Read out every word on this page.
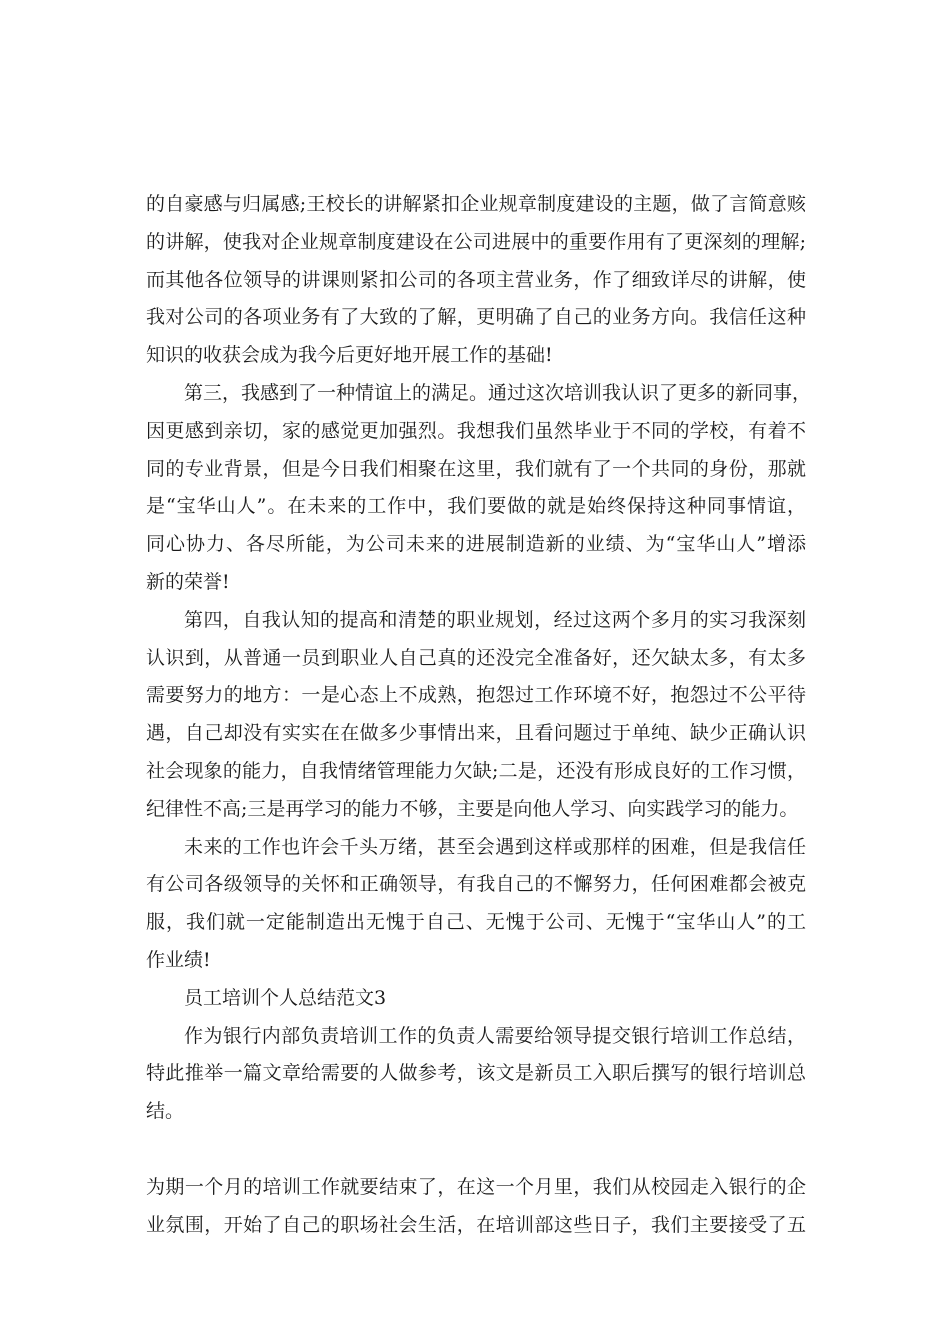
的自豪感与归属感;王校长的讲解紧扣企业规章制度建设的主题，做了言简意赅
的讲解，使我对企业规章制度建设在公司进展中的重要作用有了更深刻的理解;
而其他各位领导的讲课则紧扣公司的各项主营业务，作了细致详尽的讲解，使
我对公司的各项业务有了大致的了解，更明确了自己的业务方向。我信任这种
知识的收获会成为我今后更好地开展工作的基础!
第三，我感到了一种情谊上的满足。通过这次培训我认识了更多的新同事，
因更感到亲切，家的感觉更加强烈。我想我们虽然毕业于不同的学校，有着不
同的专业背景，但是今日我们相聚在这里，我们就有了一个共同的身份，那就
是“宝华山人”。在未来的工作中，我们要做的就是始终保持这种同事情谊，
同心协力、各尽所能，为公司未来的进展制造新的业绩、为“宝华山人”增添
新的荣誉!
第四，自我认知的提高和清楚的职业规划，经过这两个多月的实习我深刻
认识到，从普通一员到职业人自己真的还没完全准备好，还欠缺太多，有太多
需要努力的地方：一是心态上不成熟，抱怨过工作环境不好，抱怨过不公平待
遇，自己却没有实实在在做多少事情出来，且看问题过于单纯、缺少正确认识
社会现象的能力，自我情绪管理能力欠缺;二是，还没有形成良好的工作习惯，
纪律性不高;三是再学习的能力不够，主要是向他人学习、向实践学习的能力。
未来的工作也许会千头万绪，甚至会遇到这样或那样的困难，但是我信任
有公司各级领导的关怀和正确领导，有我自己的不懈努力，任何困难都会被克
服，我们就一定能制造出无愧于自己、无愧于公司、无愧于“宝华山人”的工
作业绩!
员工培训个人总结范文3
作为银行内部负责培训工作的负责人需要给领导提交银行培训工作总结，
特此推举一篇文章给需要的人做参考，该文是新员工入职后撰写的银行培训总
结。
为期一个月的培训工作就要结束了，在这一个月里，我们从校园走入银行的企
业氛围，开始了自己的职场社会生活，在培训部这些日子，我们主要接受了五
